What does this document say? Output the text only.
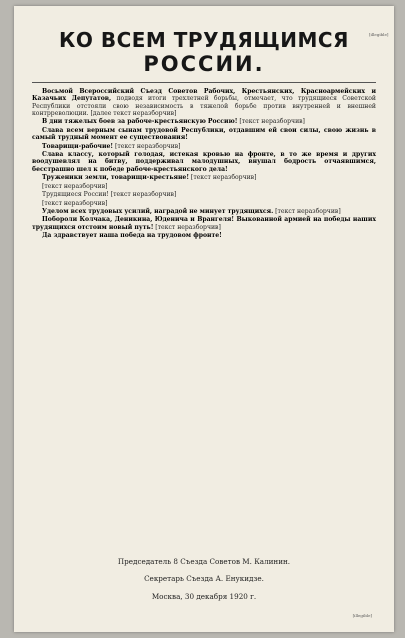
КО ВСЕМ ТРУДЯЩИМСЯ
РОССИИ.
[illegible]

Восьмой Всероссийский Съезд Советов Рабочих, Крестьянских, Красноармейских и Казачьих Депутатов, подводя итоги трехлетней борьбы, отмечает, что трудящиеся Советской Республики отстояли свою независимость в тяжелой борьбе против внутренней и внешней контрреволюции. [далее текст неразборчив]

В дни тяжелых боев за рабоче-крестьянскую Россию! [текст неразборчив]

Слава всем верным сынам трудовой Республики, отдавшим ей свои силы, свою жизнь в самый трудный момент ее существования!

Товарищи-рабочие! [текст неразборчив]

Слава классу, который голодая, истекая кровью на фронте, в то же время и других воодушевлял на битву, поддерживал малодушных, внушал бодрость отчаявшимся, бесстрашно шел к победе рабоче-крестьянского дела!

Труженики земли, товарищи-крестьяне! [текст неразборчив]

[текст неразборчив]

Трудящиеся России! [текст неразборчив]

[текст неразборчив]

Уделом всех трудовых усилий, наградой не минует трудящихся. [текст неразборчив]

Побороли Колчака, Деникина, Юденича и Врангеля! Выкованной армией на победы наших трудящихся отстоим новый путь! [текст неразборчив]

Да здравствует наша победа на трудовом фронте!

Председатель 8 Съезда Советов М. Калинин.
Секретарь Съезда А. Енукидзе.
Москва, 30 декабря 1920 г.
[illegible]
